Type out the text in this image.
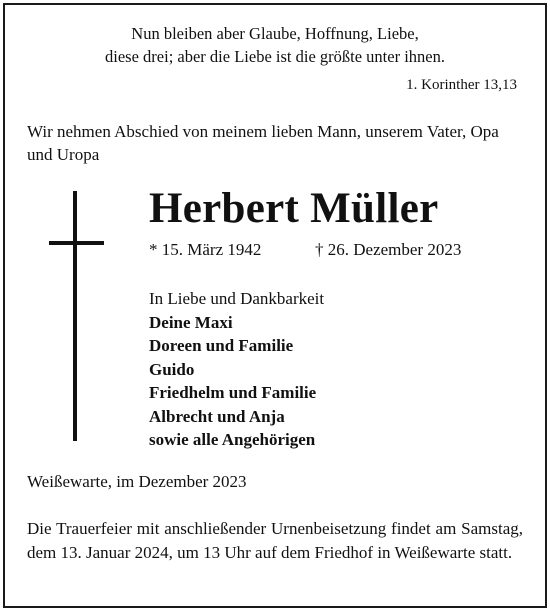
Nun bleiben aber Glaube, Hoffnung, Liebe,
diese drei; aber die Liebe ist die größte unter ihnen.
1. Korinther 13,13
Wir nehmen Abschied von meinem lieben Mann, unserem Vater, Opa und Uropa
Herbert Müller
* 15. März 1942	† 26. Dezember 2023
In Liebe und Dankbarkeit
Deine Maxi
Doreen und Familie
Guido
Friedhelm und Familie
Albrecht und Anja
sowie alle Angehörigen
Weißewarte, im Dezember 2023
Die Trauerfeier mit anschließender Urnenbeisetzung findet am Samstag, dem 13. Januar 2024, um 13 Uhr auf dem Friedhof in Weißewarte statt.
